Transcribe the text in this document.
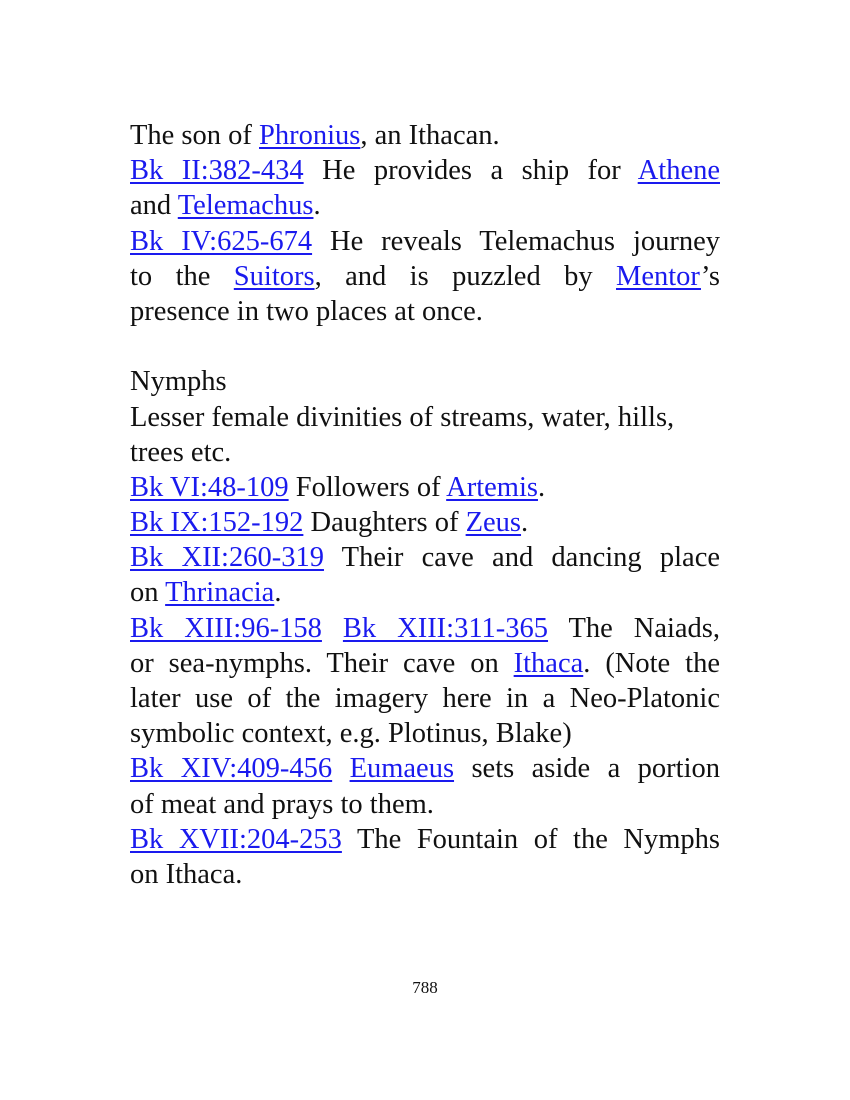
The son of Phronius, an Ithacan.
Bk II:382-434 He provides a ship for Athene
and Telemachus.
Bk IV:625-674 He reveals Telemachus journey
to the Suitors, and is puzzled by Mentor’s
presence in two places at once.
Nymphs
Lesser female divinities of streams, water, hills,
trees etc.
Bk VI:48-109 Followers of Artemis.
Bk IX:152-192 Daughters of Zeus.
Bk XII:260-319 Their cave and dancing place
on Thrinacia.
Bk XIII:96-158 Bk XIII:311-365 The Naiads,
or sea-nymphs. Their cave on Ithaca. (Note the
later use of the imagery here in a Neo-Platonic
symbolic context, e.g. Plotinus, Blake)
Bk XIV:409-456 Eumaeus sets aside a portion
of meat and prays to them.
Bk XVII:204-253 The Fountain of the Nymphs
on Ithaca.
788
